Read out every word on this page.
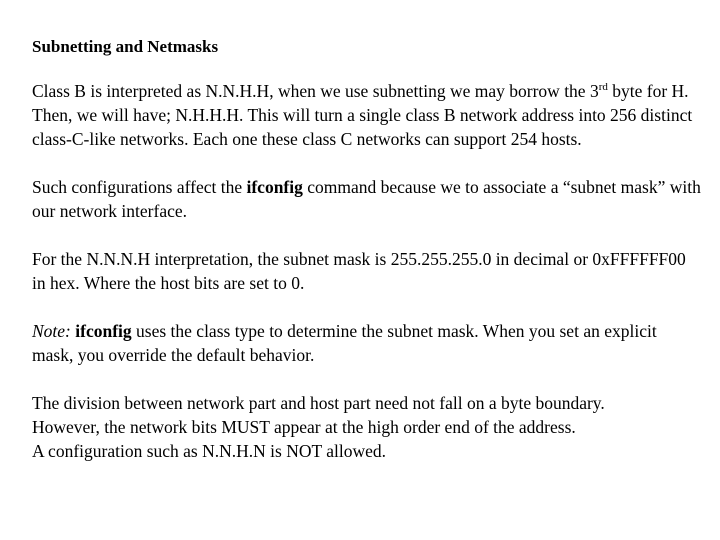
Subnetting and Netmasks

Class B is interpreted as N.N.H.H, when we use subnetting we may borrow the 3rd byte for H. Then, we will have; N.H.H.H. This will turn a single class B network address into 256 distinct class-C-like networks. Each one these class C networks can support 254 hosts.

Such configurations affect the ifconfig command because we to associate a “subnet mask” with our network interface.

For the N.N.N.H interpretation, the subnet mask is 255.255.255.0 in decimal or 0xFFFFFF00 in hex. Where the host bits are set to 0.

Note: ifconfig uses the class type to determine the subnet mask. When you set an explicit mask, you override the default behavior.

The division between network part and host part need not fall on a byte boundary.
However, the network bits MUST appear at the high order end of the address.
A configuration such as N.N.H.N is NOT allowed.
